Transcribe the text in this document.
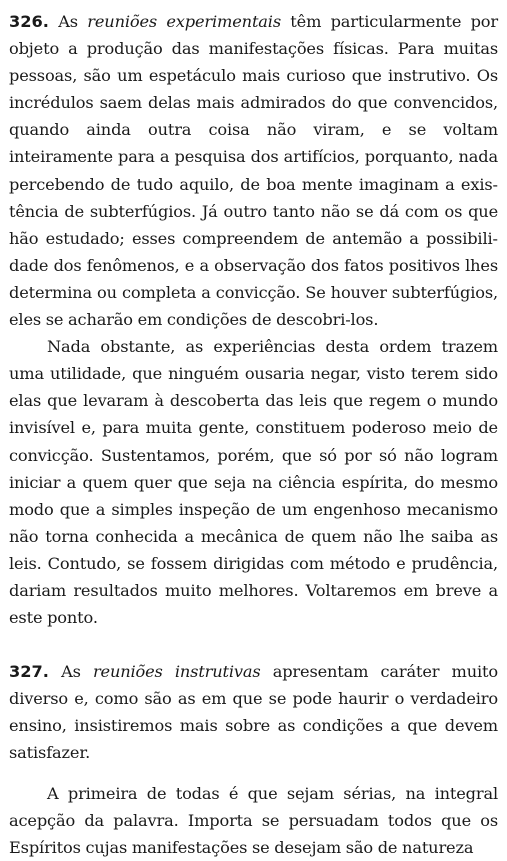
326. As reuniões experimentais têm particularmente por objeto a produção das manifestações físicas. Para muitas pessoas, são um espetáculo mais curioso que instrutivo. Os incrédulos saem delas mais admirados do que convencidos, quando ainda outra coisa não viram, e se voltam inteiramente para a pesquisa dos artifícios, porquanto, nada percebendo de tudo aquilo, de boa mente imaginam a existência de subterfúgios. Já outro tanto não se dá com os que hão estudado; esses compreendem de antemão a possibilidade dos fenômenos, e a observação dos fatos positivos lhes determina ou completa a convicção. Se houver subterfúgios, eles se acharão em condições de descobri-los.

Nada obstante, as experiências desta ordem trazem uma utilidade, que ninguém ousaria negar, visto terem sido elas que levaram à descoberta das leis que regem o mundo invisível e, para muita gente, constituem poderoso meio de convicção. Sustentamos, porém, que só por só não logram iniciar a quem quer que seja na ciência espírita, do mesmo modo que a simples inspeção de um engenhoso mecanismo não torna conhecida a mecânica de quem não lhe saiba as leis. Contudo, se fossem dirigidas com método e prudência, dariam resultados muito melhores. Voltaremos em breve a este ponto.

327. As reuniões instrutivas apresentam caráter muito diverso e, como são as em que se pode haurir o verdadeiro ensino, insistiremos mais sobre as condições a que devem satisfazer.

A primeira de todas é que sejam sérias, na integral acepção da palavra. Importa se persuadam todos que os Espíritos cujas manifestações se desejam são de natureza
